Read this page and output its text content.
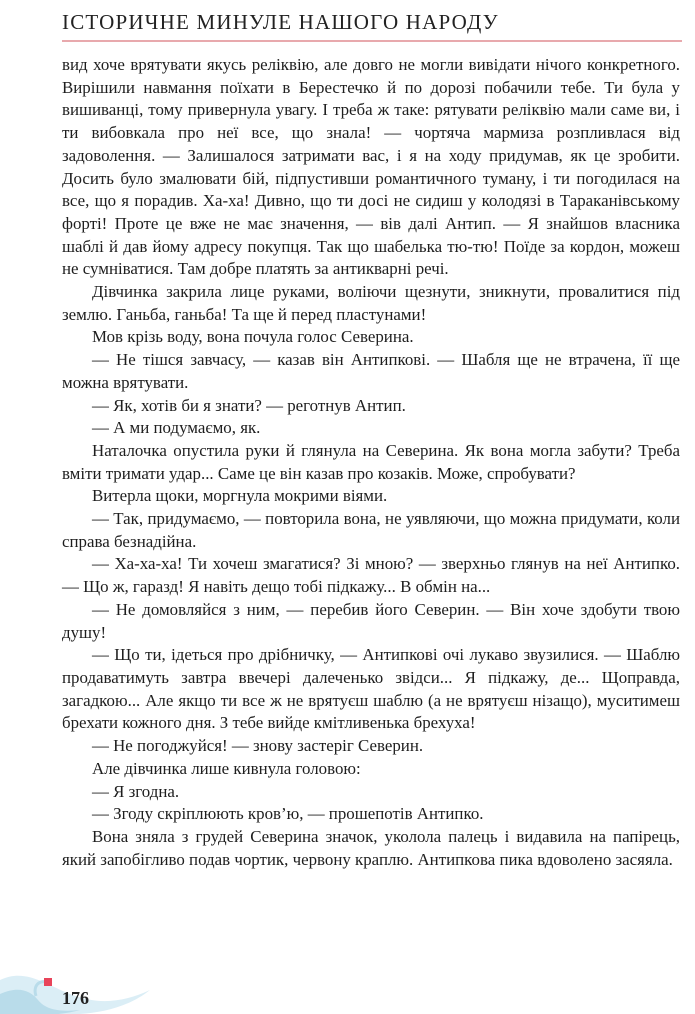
ІСТОРИЧНЕ МИНУЛЕ НАШОГО НАРОДУ

вид хоче врятувати якусь реліквію, але довго не могли вивідати нічого конкретного. Вирішили навмання поїхати в Берестечко й по дорозі побачили тебе. Ти була у вишиванці, тому привернула увагу. І треба ж таке: рятувати реліквію мали саме ви, і ти вибовкала про неї все, що знала! — чортяча мармиза розпливлася від задоволення. — Залишалося затримати вас, і я на ходу придумав, як це зробити. Досить було змалювати бій, підпустивши романтичного туману, і ти погодилася на все, що я порадив. Ха-ха! Дивно, що ти досі не сидиш у колодязі в Тараканівському форті! Проте це вже не має значення, — вів далі Антип. — Я знайшов власника шаблі й дав йому адресу покупця. Так що шабелька тю-тю! Поїде за кордон, можеш не сумніватися. Там добре платять за антикварні речі.

Дівчинка закрила лице руками, воліючи щезнути, зникнути, провалитися під землю. Ганьба, ганьба! Та ще й перед пластунами!

Мов крізь воду, вона почула голос Северина.

— Не тішся завчасу, — казав він Антипкові. — Шабля ще не втрачена, її ще можна врятувати.

— Як, хотів би я знати? — реготнув Антип.

— А ми подумаємо, як.

Наталочка опустила руки й глянула на Северина. Як вона могла забути? Треба вміти тримати удар... Саме це він казав про козаків. Може, спробувати?

Витерла щоки, моргнула мокрими віями.

— Так, придумаємо, — повторила вона, не уявляючи, що можна придумати, коли справа безнадійна.

— Ха-ха-ха! Ти хочеш змагатися? Зі мною? — зверхньо глянув на неї Антипко. — Що ж, гаразд! Я навіть дещо тобі підкажу... В обмін на...

— Не домовляйся з ним, — перебив його Северин. — Він хоче здобути твою душу!

— Що ти, ідеться про дрібничку, — Антипкові очі лукаво звузилися. — Шаблю продаватимуть завтра ввечері далеченько звідси... Я підкажу, де... Щоправда, загадкою... Але якщо ти все ж не врятуєш шаблю (а не врятуєш нізащо), муситимеш брехати кожного дня. З тебе вийде кмітливенька брехуха!

— Не погоджуйся! — знову застеріг Северин.

Але дівчинка лише кивнула головою:

— Я згодна.

— Згоду скріплюють кров’ю, — прошепотів Антипко.

Вона зняла з грудей Северина значок, уколола палець і видавила на папірець, який запобігливо подав чортик, червону краплю. Антипкова пика вдоволено засяяла.

176
